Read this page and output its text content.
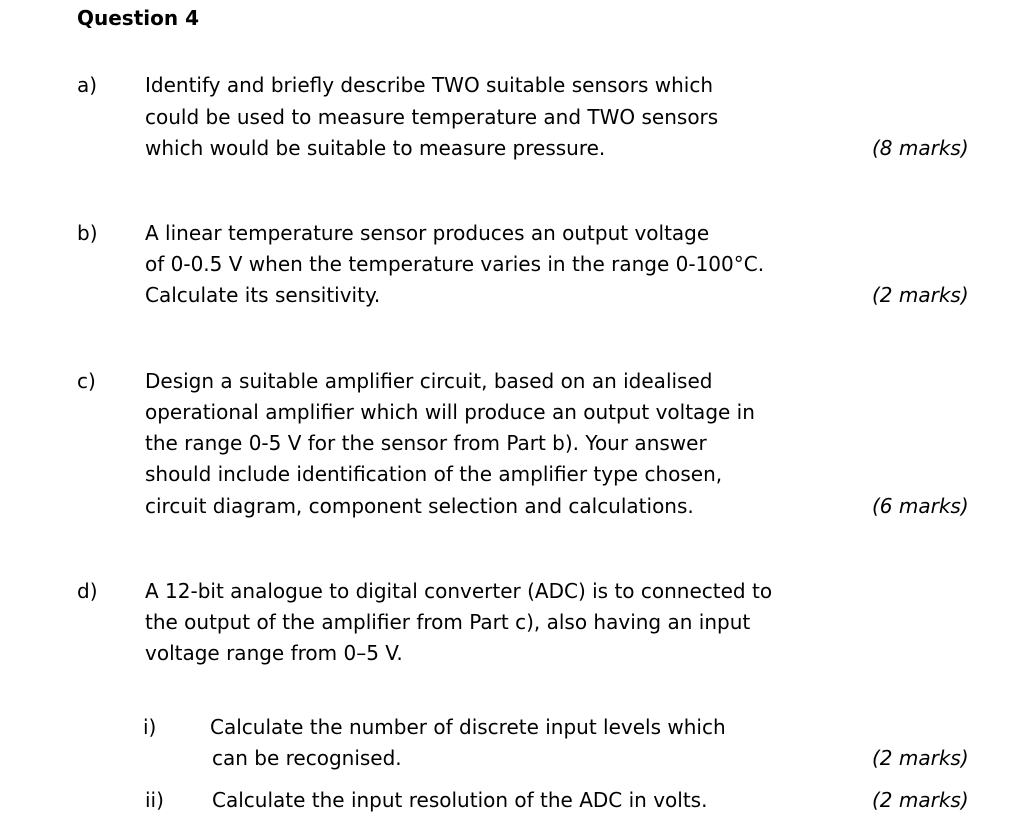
Question 4
a) Identify and briefly describe TWO suitable sensors which
could be used to measure temperature and TWO sensors
which would be suitable to measure pressure.	(8 marks)
b) A linear temperature sensor produces an output voltage
of 0-0.5 V when the temperature varies in the range 0-100°C.
Calculate its sensitivity.	(2 marks)
c) Design a suitable amplifier circuit, based on an idealised
operational amplifier which will produce an output voltage in
the range 0-5 V for the sensor from Part b). Your answer
should include identification of the amplifier type chosen,
circuit diagram, component selection and calculations.	(6 marks)
d) A 12-bit analogue to digital converter (ADC) is to connected to
the output of the amplifier from Part c), also having an input
voltage range from 0–5 V.
i)	Calculate the number of discrete input levels which
can be recognised.	(2 marks)
ii) Calculate the input resolution of the ADC in volts.	(2 marks)
